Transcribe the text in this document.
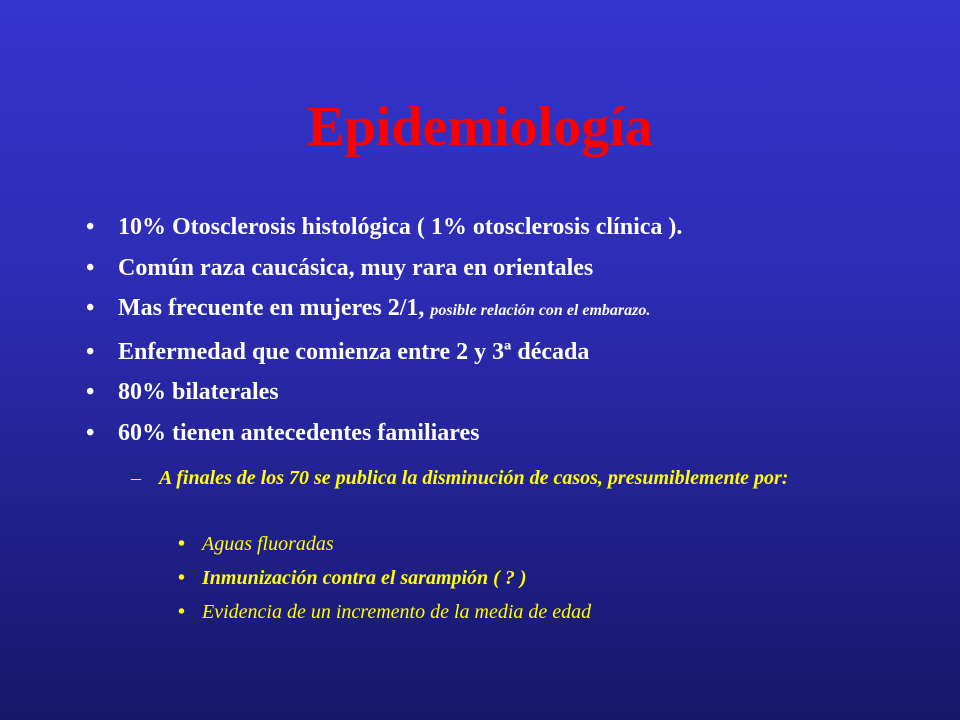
Epidemiología
• 10% Otosclerosis histológica ( 1% otosclerosis clínica ).
• Común raza caucásica, muy rara en orientales
• Mas frecuente en mujeres 2/1, posible relación con el embarazo.
• Enfermedad que comienza entre 2 y 3ª década
• 80% bilaterales
• 60% tienen antecedentes familiares
– A finales de los 70 se publica la disminución de casos, presumiblemente por:
• Aguas fluoradas
• Inmunización contra el sarampión ( ? )
• Evidencia de un incremento de la media de edad
